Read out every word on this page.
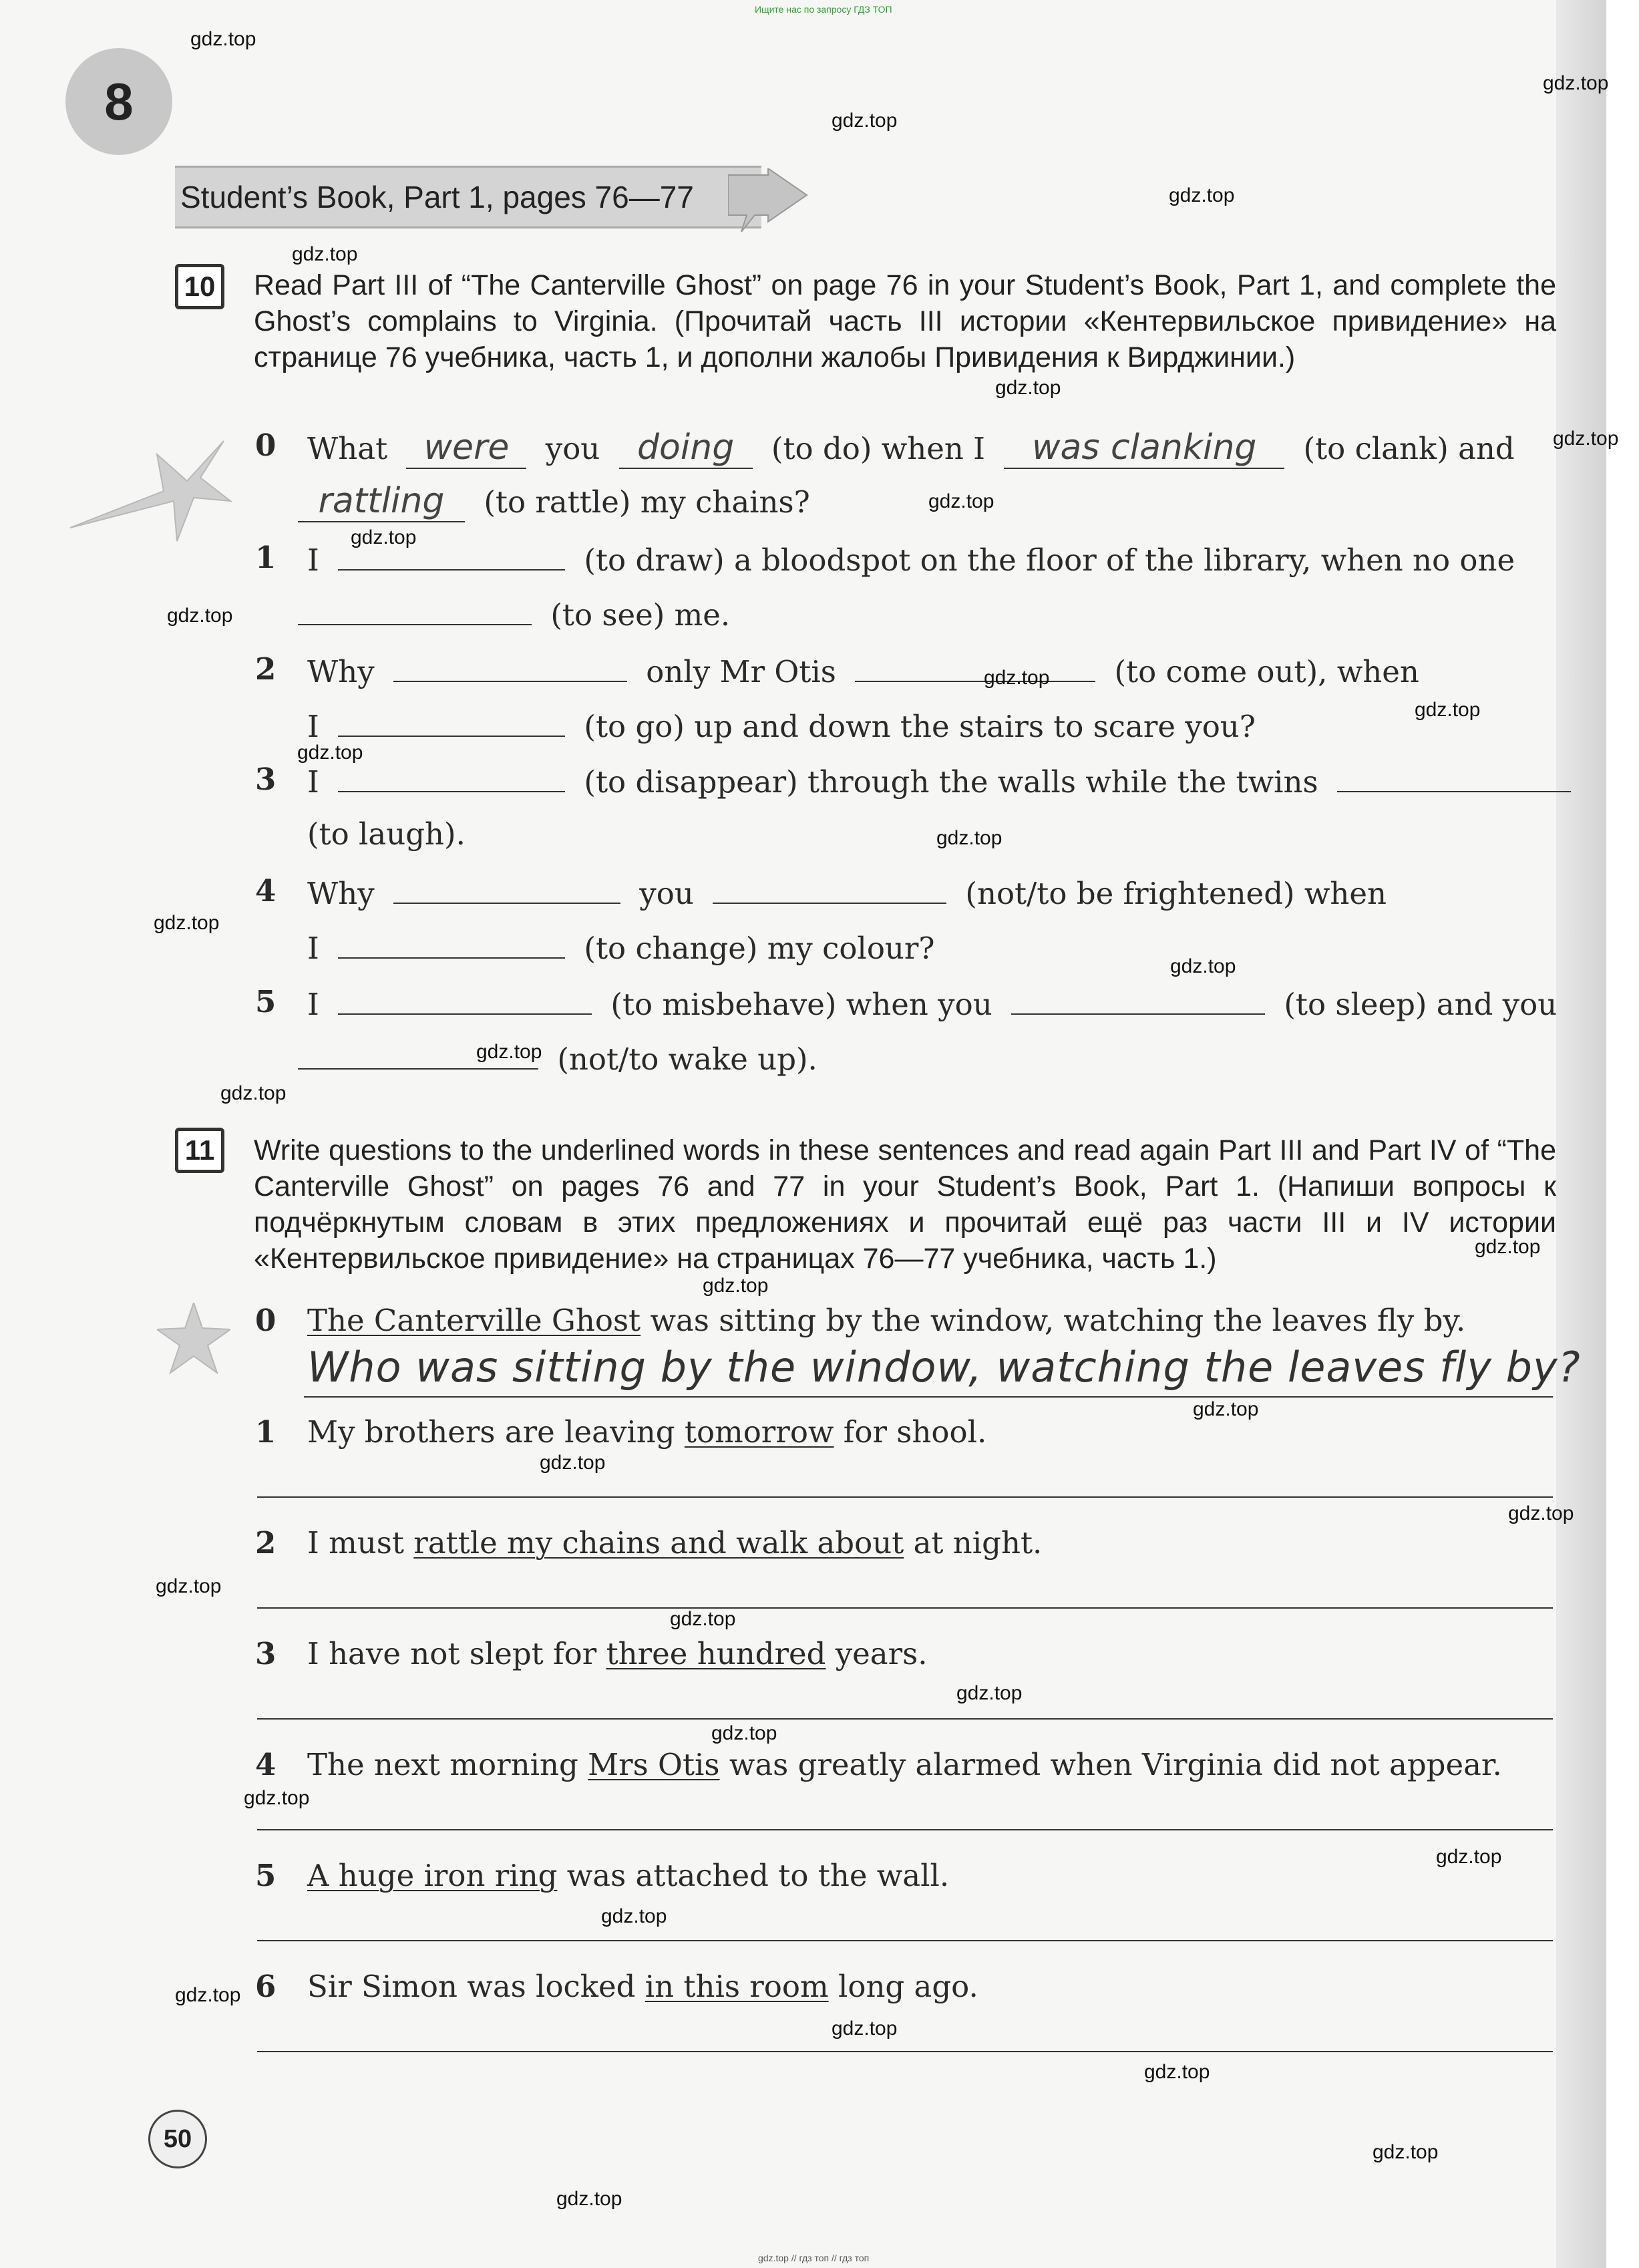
Ищите нас по запросу ГДЗ ТОП
8
Student’s Book, Part 1, pages 76—77
10	Read Part III of “The Canterville Ghost” on page 76 in your Student’s Book, Part 1, and complete the Ghost’s complains to Virginia. (Прочитай часть III истории «Кентервильское привидение» на странице 76 учебника, часть 1, и дополни жалобы Привидения к Вирджинии.)
0 What were you doing (to do) when I was clanking (to clank) and
rattling (to rattle) my chains?
1 I	(to draw) a bloodspot on the floor of the library, when no one
(to see) me.
2 Why	only Mr Otis	(to come out), when
I	(to go) up and down the stairs to scare you?
3 I	(to disappear) through the walls while the twins
(to laugh).
4 Why	you	(not/to be frightened) when
I	(to change) my colour?
5 I	(to misbehave) when you	(to sleep) and you
(not/to wake up).
11	Write questions to the underlined words in these sentences and read again Part III and Part IV of “The Canterville Ghost” on pages 76 and 77 in your Student’s Book, Part 1. (Напиши вопросы к подчёркнутым словам в этих предложениях и прочитай ещё раз части III и IV истории «Кентервильское привидение» на страницах 76—77 учебника, часть 1.)
0 The Canterville Ghost was sitting by the window, watching the leaves fly by.
Who was sitting by the window, watching the leaves fly by?
1 My brothers are leaving tomorrow for shool.
2 I must rattle my chains and walk about at night.
3 I have not slept for three hundred years.
4 The next morning Mrs Otis was greatly alarmed when Virginia did not appear.
5 A huge iron ring was attached to the wall.
6 Sir Simon was locked in this room long ago.
50
gdz.top // гдз топ // гдз топ
gdz.top
gdz.top
gdz.top
gdz.top
gdz.top
gdz.top
gdz.top
gdz.top
gdz.top
gdz.top
gdz.top
gdz.top
gdz.top
gdz.top
gdz.top
gdz.top
gdz.top
gdz.top
gdz.top
gdz.top
gdz.top
gdz.top
gdz.top
gdz.top
gdz.top
gdz.top
gdz.top
gdz.top
gdz.top
gdz.top
gdz.top
gdz.top
gdz.top
gdz.top
gdz.top
